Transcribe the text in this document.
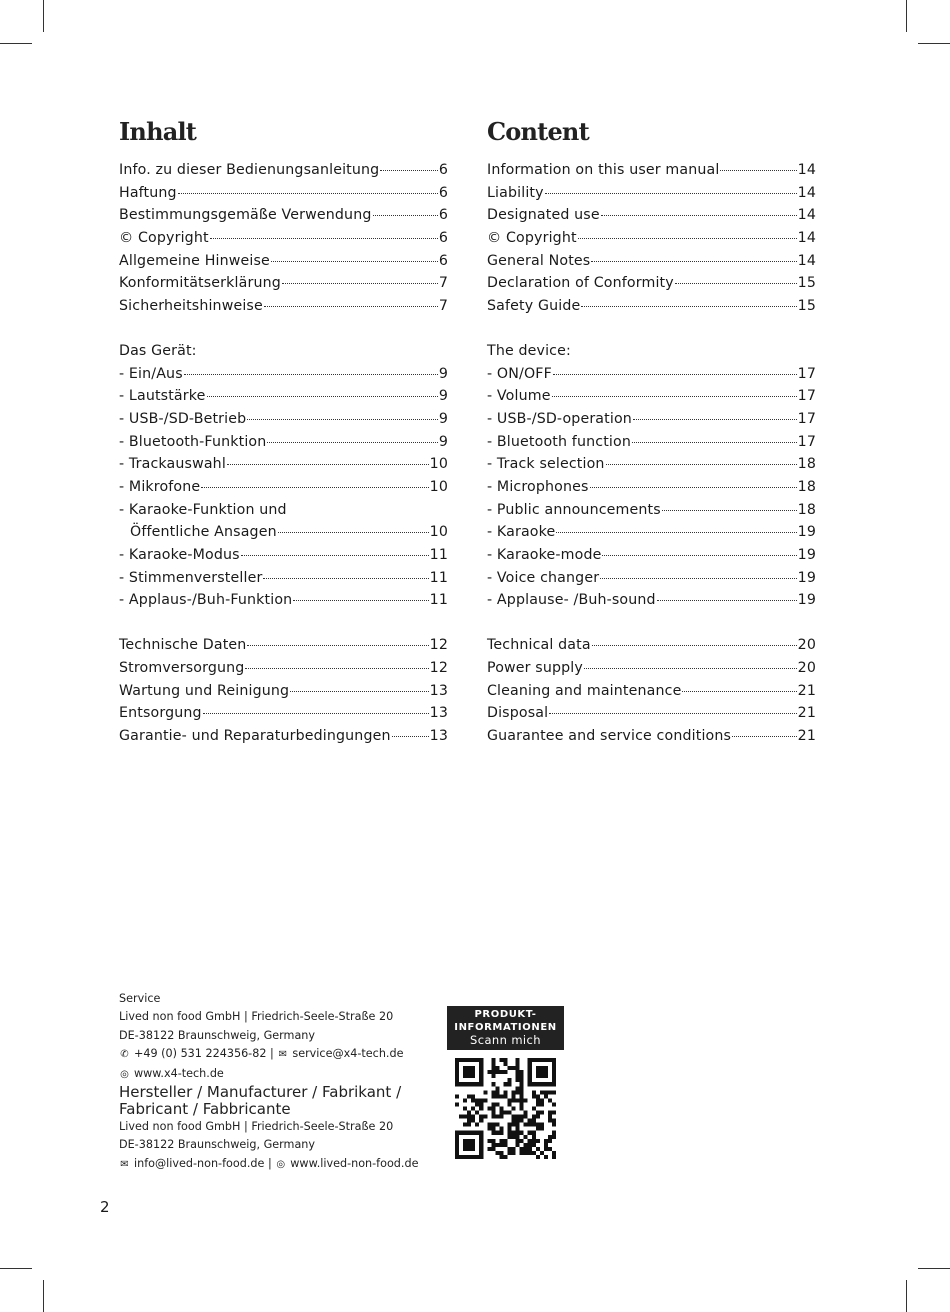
Inhalt
Info. zu dieser Bedienungsanleitung	6
Haftung	6
Bestimmungsgemäße Verwendung	6
© Copyright	6
Allgemeine Hinweise	6
Konformitätserklärung	7
Sicherheitshinweise	7
Das Gerät:
- Ein/Aus	9
- Lautstärke	9
- USB-/SD-Betrieb	9
- Bluetooth-Funktion	9
- Trackauswahl	10
- Mikrofone	10
- Karaoke-Funktion und
Öffentliche Ansagen	10
- Karaoke-Modus	11
- Stimmenversteller	11
- Applaus-/Buh-Funktion	11
Technische Daten	12
Stromversorgung	12
Wartung und Reinigung	13
Entsorgung	13
Garantie- und Reparaturbedingungen	13
Content
Information on this user manual	14
Liability	14
Designated use	14
© Copyright	14
General Notes	14
Declaration of Conformity	15
Safety Guide	15
The device:
- ON/OFF	17
- Volume	17
- USB-/SD-operation	17
- Bluetooth function	17
- Track selection	18
- Microphones	18
- Public announcements	18
- Karaoke	19
- Karaoke-mode	19
- Voice changer	19
- Applause- /Buh-sound	19
Technical data	20
Power supply	20
Cleaning and maintenance	21
Disposal	21
Guarantee and service conditions	21
Service
Lived non food GmbH | Friedrich-Seele-Straße 20
DE-38122 Braunschweig, Germany
✆ +49 (0) 531 224356-82 | ✉ service@x4-tech.de
◎ www.x4-tech.de
Hersteller / Manufacturer / Fabrikant /
Fabricant / Fabbricante
Lived non food GmbH | Friedrich-Seele-Straße 20
DE-38122 Braunschweig, Germany
✉ info@lived-non-food.de | ◎ www.lived-non-food.de
PRODUKT-
INFORMATIONEN
Scann mich
2
